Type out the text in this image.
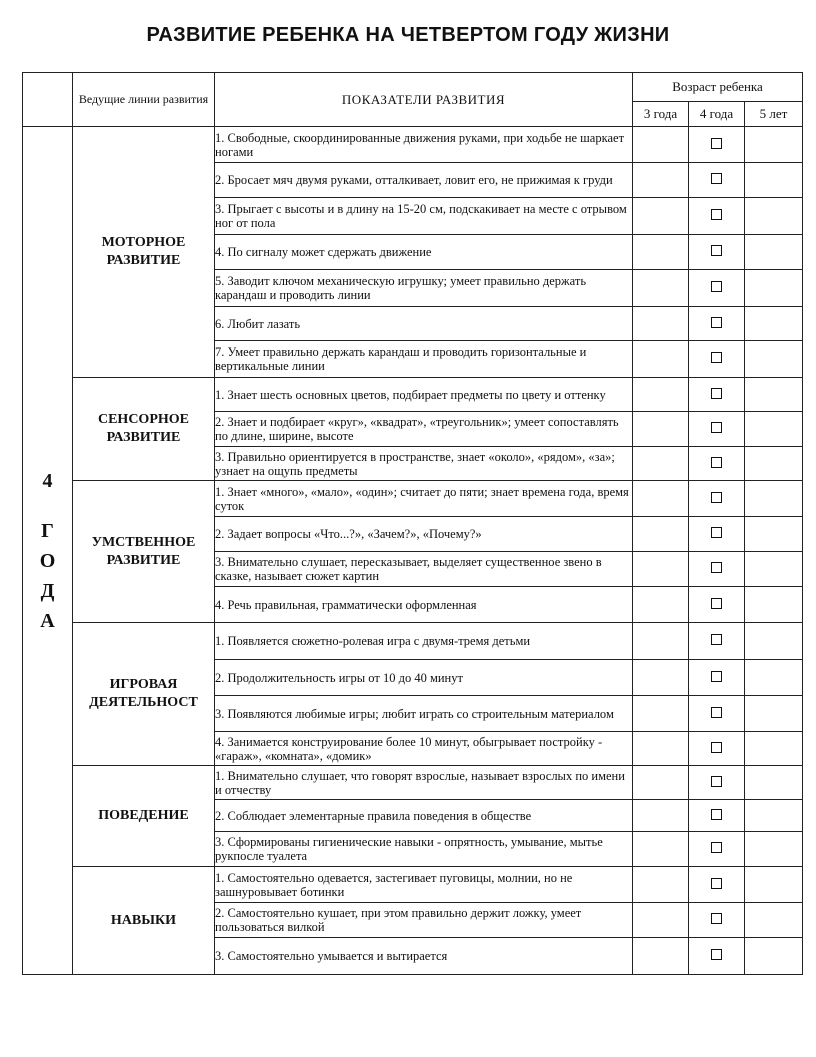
РАЗВИТИЕ РЕБЕНКА НА ЧЕТВЕРТОМ ГОДУ ЖИЗНИ
	Ведущие линии развития	ПОКАЗАТЕЛИ РАЗВИТИЯ	Возраст ребенка		
			3 года	4 года	5 лет

4
Г
О
Д
А	МОТОРНОЕ РАЗВИТИЕ	1. Свободные, скоординированные движения руками, при ходьбе не шаркает ногами			
		2. Бросает мяч двумя руками, отталкивает, ловит его, не прижимая к груди			
		3. Прыгает с высоты и в длину на 15-20 см, подскакивает на месте с отрывом ног от пола			
		4. По сигналу может сдержать движение			
		5. Заводит ключом механическую игрушку; умеет правильно держать карандаш и проводить линии			
		6. Любит лазать			
		7. Умеет правильно держать карандаш и проводить горизонтальные и вертикальные линии			
	СЕНСОРНОЕ РАЗВИТИЕ	1. Знает шесть основных цветов, подбирает предметы по цвету и оттенку			
		2. Знает и подбирает «круг», «квадрат», «треугольник»; умеет сопоставлять по длине, ширине, высоте			
		3. Правильно ориентируется в пространстве, знает «около», «рядом», «за»; узнает на ощупь предметы			
	УМСТВЕННОЕ РАЗВИТИЕ	1. Знает «много», «мало», «один»; считает до пяти; знает времена года, время суток			
		2. Задает вопросы «Что...?», «Зачем?», «Почему?»			
		3. Внимательно слушает, пересказывает, выделяет существенное звено в сказке, называет сюжет картин			
		4. Речь правильная, грамматически оформленная			
	ИГРОВАЯ ДЕЯТЕЛЬНОСТ	1. Появляется сюжетно-ролевая игра с двумя-тремя детьми			
		2. Продолжительность игры от 10 до 40 минут			
		3. Появляются любимые игры; любит играть со строительным материалом			
		4. Занимается конструирование более 10 минут, обыгрывает постройку - «гараж», «комната», «домик»			
	ПОВЕДЕНИЕ	1. Внимательно слушает, что говорят взрослые, называет взрослых по имени и отчеству			
		2. Соблюдает элементарные правила поведения в обществе			
		3. Сформированы гигиенические навыки - опрятность, умывание, мытье рукпосле туалета			
	НАВЫКИ	1. Самостоятельно одевается, застегивает пуговицы, молнии, но не зашнуровывает ботинки			
		2. Самостоятельно кушает, при этом правильно держит ложку, умеет пользоваться вилкой			
		3. Самостоятельно умывается и вытирается			
